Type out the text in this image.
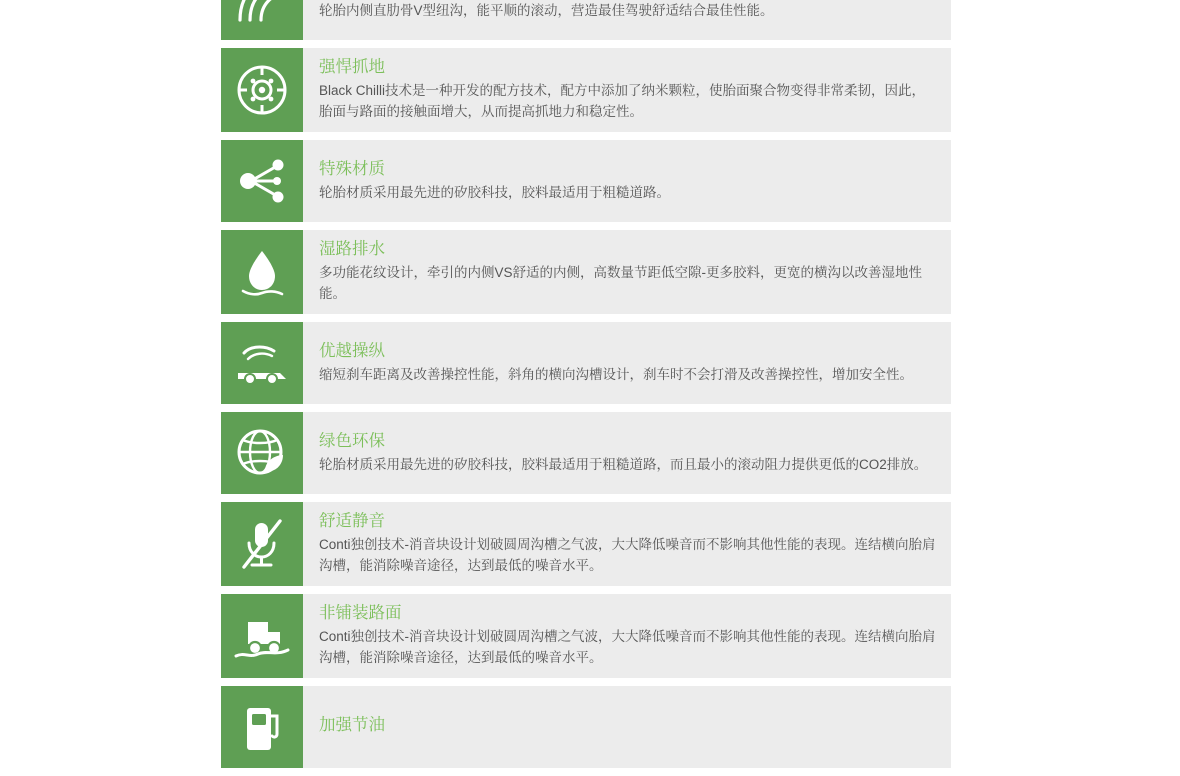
轮胎内侧直肋骨V型纽沟，能平顺的滚动，营造最佳驾驶舒适结合最佳性能。
强悍抓地
Black Chilli技术是一种开发的配方技术，配方中添加了纳米颗粒，使胎面聚合物变得非常柔韧，因此，胎面与路面的接触面增大，从而提高抓地力和稳定性。
特殊材质
轮胎材质采用最先进的矽胶科技，胶料最适用于粗糙道路。
湿路排水
多功能花纹设计，牵引的内侧VS舒适的内侧，高数量节距低空隙-更多胶料，更宽的横沟以改善湿地性能。
优越操纵
缩短刹车距离及改善操控性能，斜角的横向沟槽设计，刹车时不会打滑及改善操控性，增加安全性。
绿色环保
轮胎材质采用最先进的矽胶科技，胶料最适用于粗糙道路，而且最小的滚动阻力提供更低的CO2排放。
舒适静音
Conti独创技术-消音块设计划破圆周沟槽之气波，大大降低噪音而不影响其他性能的表现。连结横向胎肩沟槽，能消除噪音途径，达到最低的噪音水平。
非铺装路面
Conti独创技术-消音块设计划破圆周沟槽之气波，大大降低噪音而不影响其他性能的表现。连结横向胎肩沟槽，能消除噪音途径，达到最低的噪音水平。
加强节油
